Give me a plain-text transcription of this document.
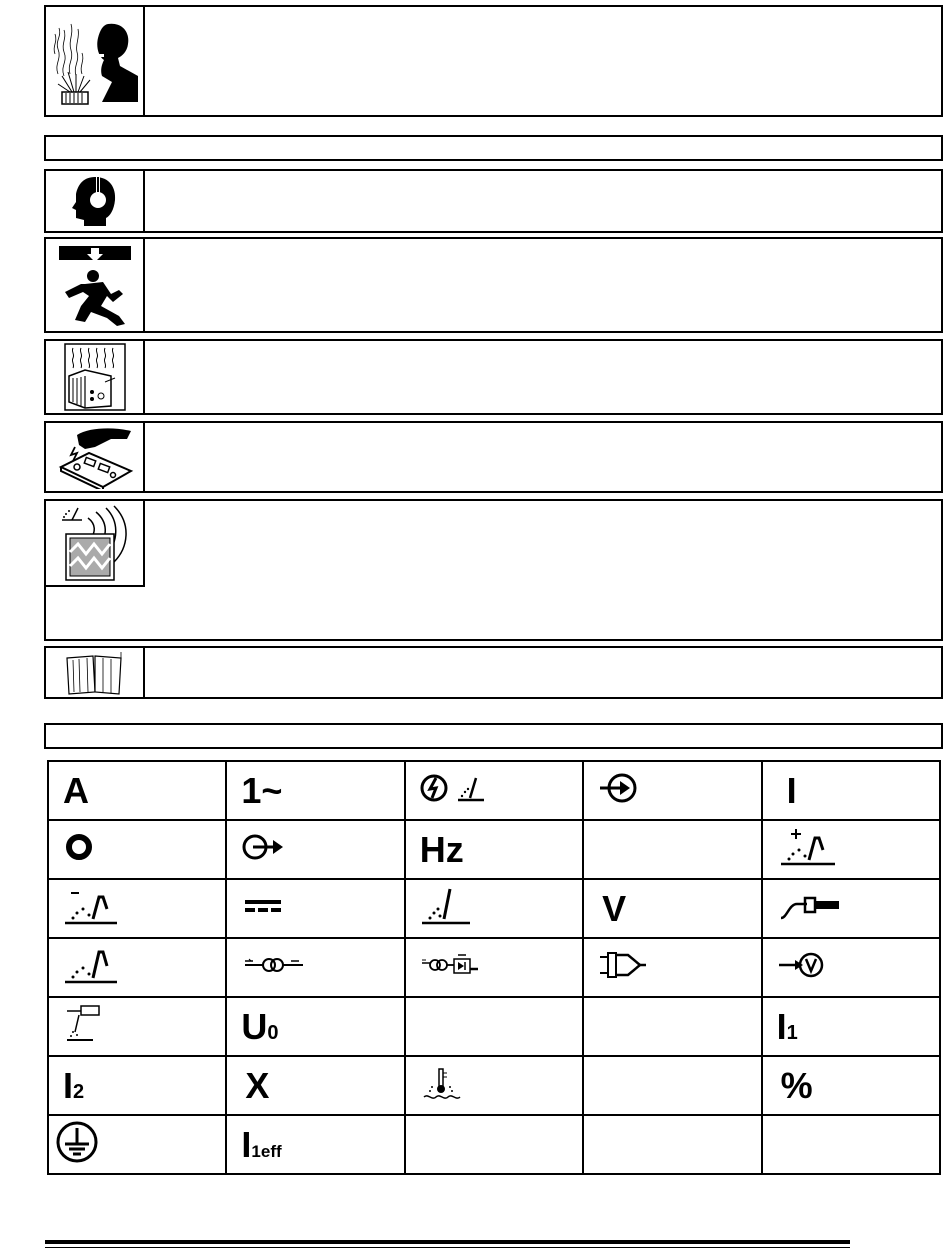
A	1~			I
		Hz		
			V	

	U0			I1
I2	X			%
	I1eff			
